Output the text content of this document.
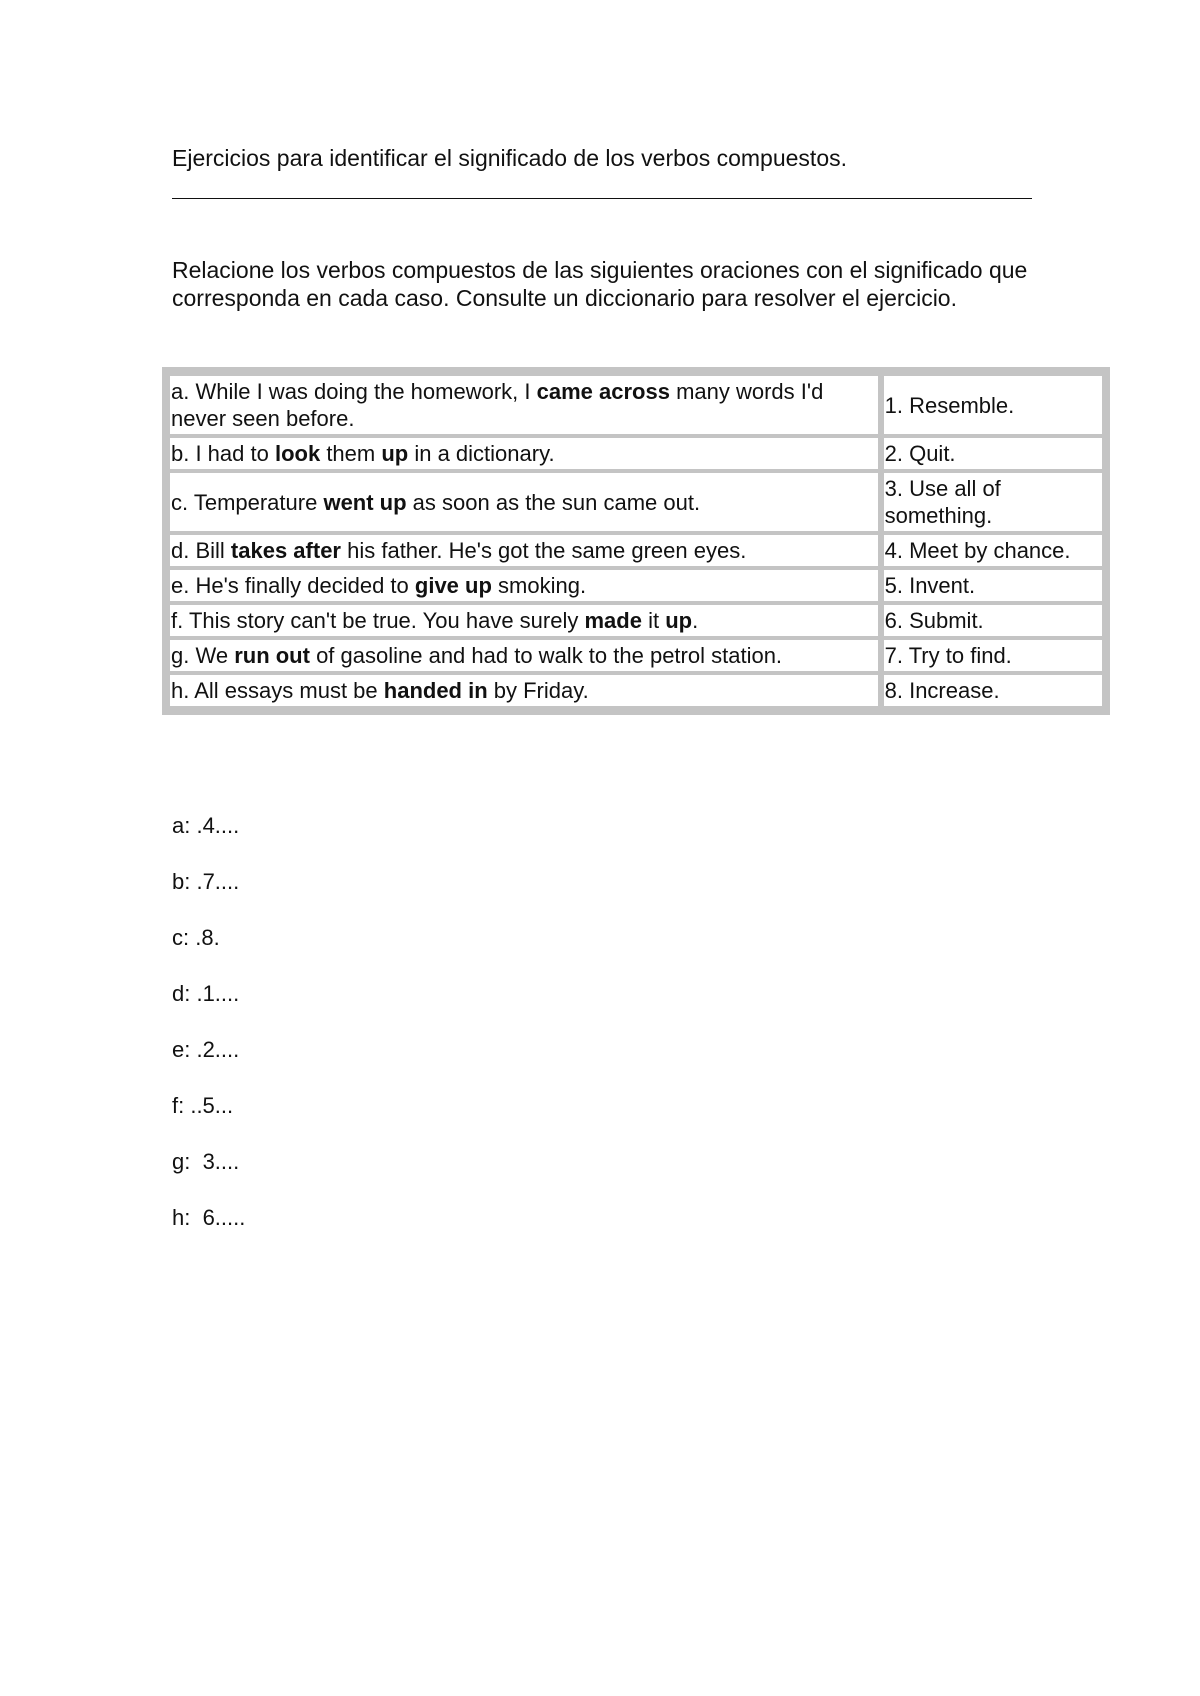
Ejercicios para identificar el significado de los verbos compuestos.
Relacione los verbos compuestos de las siguientes oraciones con el significado que corresponda en cada caso. Consulte un diccionario para resolver el ejercicio.
a. While I was doing the homework, I came across many words I'd never seen before.	1. Resemble.
b. I had to look them up in a dictionary.	2. Quit.
c. Temperature went up as soon as the sun came out.	3. Use all of something.
d. Bill takes after his father. He's got the same green eyes.	4. Meet by chance.
e. He's finally decided to give up smoking.	5. Invent.
f. This story can't be true. You have surely made it up.	6. Submit.
g. We run out of gasoline and had to walk to the petrol station.	7. Try to find.
h. All essays must be handed in by Friday.	8. Increase.
a: .4....
b: .7....
c: .8.
d: .1....
e: .2....
f: ..5...
g:  3....
h:  6.....
